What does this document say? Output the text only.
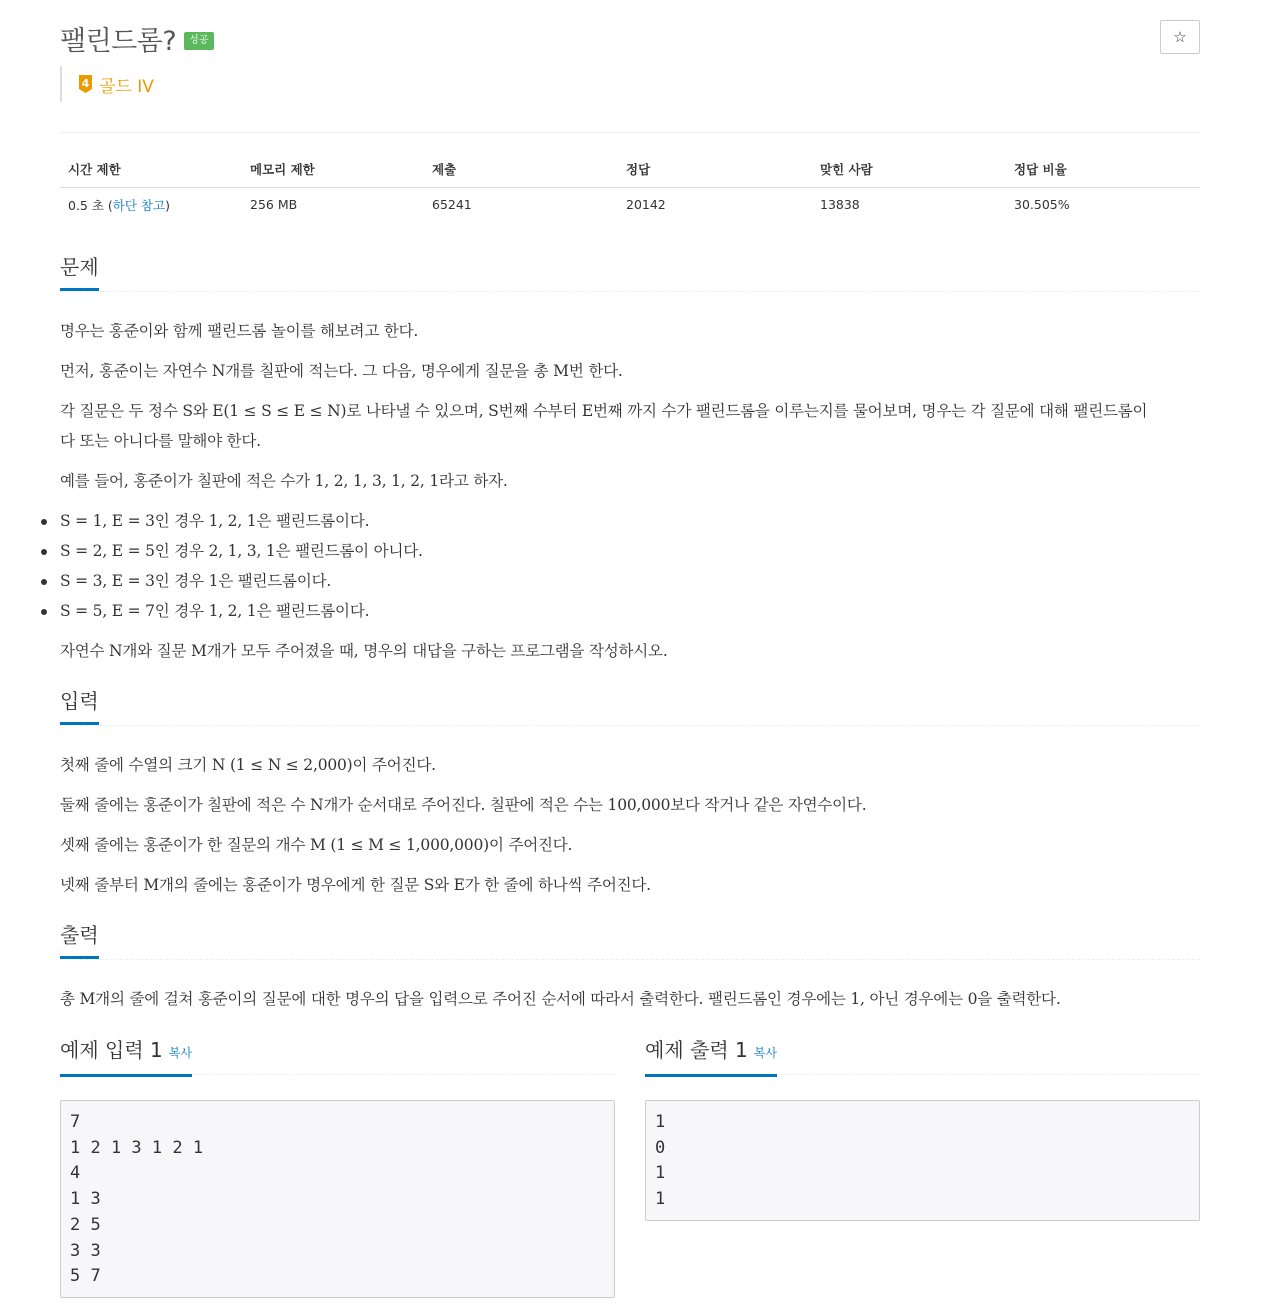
팰린드롬?	성공	☆
4 골드 IV
시간 제한	메모리 제한	제출	정답	맞힌 사람	정답 비율
0.5 초 (하단 참고)	256 MB	65241	20142	13838	30.505%
문제
명우는 홍준이와 함께 팰린드롬 놀이를 해보려고 한다.
먼저, 홍준이는 자연수 N개를 칠판에 적는다. 그 다음, 명우에게 질문을 총 M번 한다.
각 질문은 두 정수 S와 E(1 ≤ S ≤ E ≤ N)로 나타낼 수 있으며, S번째 수부터 E번째 까지 수가 팰린드롬을 이루는지를 물어보며, 명우는 각 질문에 대해 팰린드롬이
다 또는 아니다를 말해야 한다.
예를 들어, 홍준이가 칠판에 적은 수가 1, 2, 1, 3, 1, 2, 1라고 하자.
S = 1, E = 3인 경우 1, 2, 1은 팰린드롬이다.
S = 2, E = 5인 경우 2, 1, 3, 1은 팰린드롬이 아니다.
S = 3, E = 3인 경우 1은 팰린드롬이다.
S = 5, E = 7인 경우 1, 2, 1은 팰린드롬이다.
자연수 N개와 질문 M개가 모두 주어졌을 때, 명우의 대답을 구하는 프로그램을 작성하시오.
입력
첫째 줄에 수열의 크기 N (1 ≤ N ≤ 2,000)이 주어진다.
둘째 줄에는 홍준이가 칠판에 적은 수 N개가 순서대로 주어진다. 칠판에 적은 수는 100,000보다 작거나 같은 자연수이다.
셋째 줄에는 홍준이가 한 질문의 개수 M (1 ≤ M ≤ 1,000,000)이 주어진다.
넷째 줄부터 M개의 줄에는 홍준이가 명우에게 한 질문 S와 E가 한 줄에 하나씩 주어진다.
출력
총 M개의 줄에 걸쳐 홍준이의 질문에 대한 명우의 답을 입력으로 주어진 순서에 따라서 출력한다. 팰린드롬인 경우에는 1, 아닌 경우에는 0을 출력한다.
예제 입력 1 복사
7
1 2 1 3 1 2 1
4
1 3
2 5
3 3
5 7
예제 출력 1 복사
1
0
1
1
